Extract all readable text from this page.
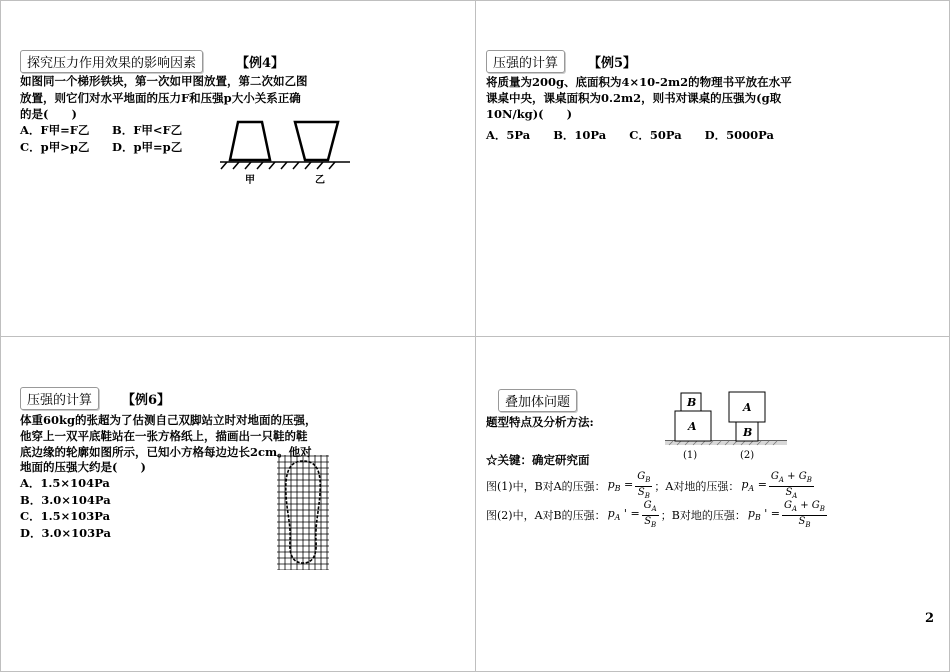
探究压力作用效果的影响因素	【例4】
如图同一个梯形铁块，第一次如甲图放置，第二次如乙图
放置，则它们对水平地面的压力F和压强p大小关系正确
的是(　　)
A．F甲=F乙 B．F甲<F乙
C．p甲>p乙 D．p甲=p乙
甲	乙
压强的计算	【例5】
将质量为200g、底面积为4×10-2m2的物理书平放在水平
课桌中央，课桌面积为0.2m2，则书对课桌的压强为(g取
10N/kg)(　　)
A．5Pa　　B．10Pa　　C．50Pa　　D．5000Pa
压强的计算	【例6】
体重60kg的张超为了估测自己双脚站立时对地面的压强，
他穿上一双平底鞋站在一张方格纸上，描画出一只鞋的鞋
底边缘的轮廓如图所示，已知小方格每边边长2cm。他对
地面的压强大约是(　　)
A．1.5×104Pa
B．3.0×104Pa
C．1.5×103Pa
D．3.0×103Pa
叠加体问题
题型特点及分析方法:	A
B
B
A
(1)	(2)
☆关键：确定研究面
图(1)中，B对A的压强： $p_B = \frac{G_B}{S_B}$ ；A对地的压强： $p_A = \frac{G_A + G_B}{S_A}$
图(2)中，A对B的压强： $p_A$ ' = $\frac{G_A}{S_B}$ ；B对地的压强： $p_B$ ' = $\frac{G_A + G_B}{S_B}$
2
